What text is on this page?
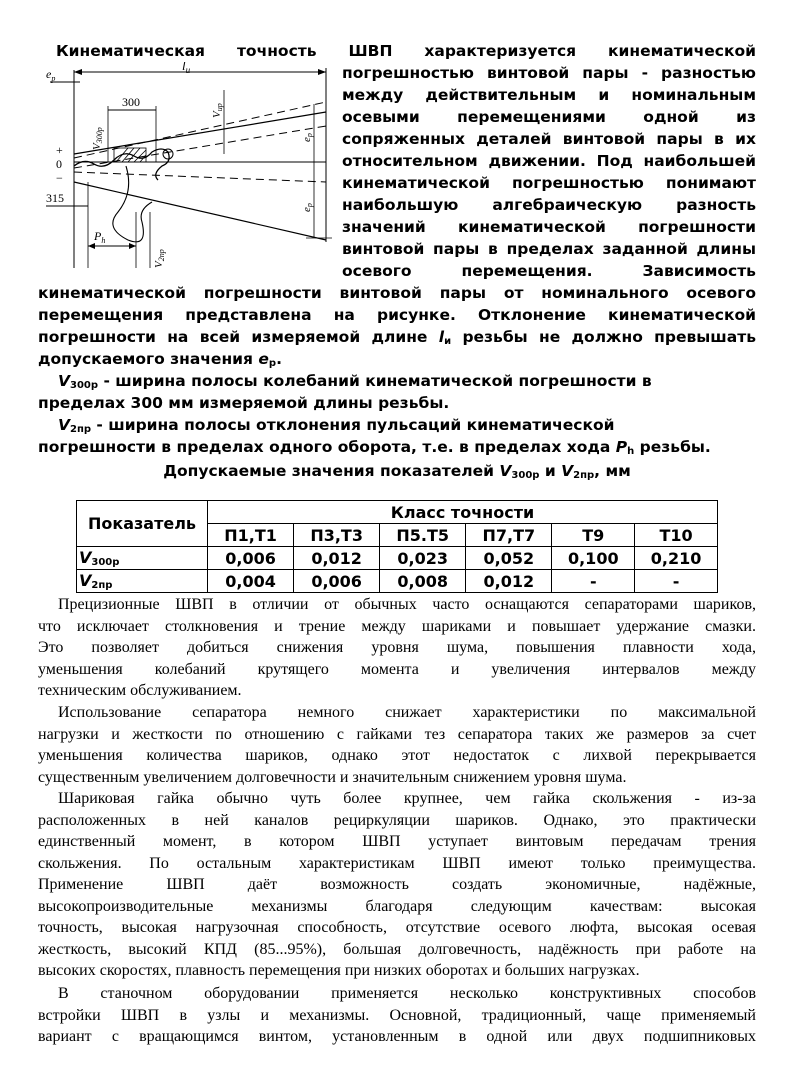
Кинематическая точность ШВП характеризуется кинематической
$l_и$
$e_p$
+
0
−
300
V300p
Vир
315
$P_h$
V2пр
ep
ep
погрешностью винтовой пары - разностью
между действительным и номинальным
осевыми перемещениями одной из
сопряженных деталей винтовой пары в их
относительном движении. Под наибольшей
кинематической погрешностью понимают
наибольшую алгебраическую разность
значений кинематической погрешности
винтовой пары в пределах заданной длины
осевого перемещения. Зависимость
кинематической погрешности винтовой пары от номинального осевого
перемещения представлена на рисунке. Отклонение кинематической
погрешности на всей измеряемой длине $l_и$ резьбы не должно превышать
допускаемого значения $e_p$.
$V_{300р}$ - ширина полосы колебаний кинематической погрешности в
пределах 300 мм измеряемой длины резьбы.
$V_{2пр}$ - ширина полосы отклонения пульсаций кинематической
погрешности в пределах одного оборота, т.е. в пределах хода $P_h$ резьбы.
Допускаемые значения показателей $V_{300р}$ и $V_{2пр}$, мм
Показатель	Класс точности					
	П1,Т1	П3,Т3	П5.Т5	П7,Т7	Т9	Т10
$V_{300р}$	0,006	0,012	0,023	0,052	0,100	0,210
$V_{2пр}$	0,004	0,006	0,008	0,012	-	-
Прецизионные ШВП в отличии от обычных часто оснащаются сепараторами шариков,
что исключает столкновения и трение между шариками и повышает удержание смазки.
Это позволяет добиться снижения уровня шума, повышения плавности хода,
уменьшения колебаний крутящего момента и увеличения интервалов между
техническим обслуживанием.
Использование сепаратора немного снижает характеристики по максимальной
нагрузки и жесткости по отношению с гайками тез сепаратора таких же размеров за счет
уменьшения количества шариков, однако этот недостаток с лихвой перекрывается
существенным увеличением долговечности и значительным снижением уровня шума.
Шариковая гайка обычно чуть более крупнее, чем гайка скольжения - из-за
расположенных в ней каналов рециркуляции шариков. Однако, это практически
единственный момент, в котором ШВП уступает винтовым передачам трения
скольжения. По остальным характеристикам ШВП имеют только преимущества.
Применение ШВП даёт возможность создать экономичные, надёжные,
высокопроизводительные механизмы благодаря следующим качествам: высокая
точность, высокая нагрузочная способность, отсутствие осевого люфта, высокая осевая
жесткость, высокий КПД (85...95%), большая долговечность, надёжность при работе на
высоких скоростях, плавность перемещения при низких оборотах и больших нагрузках.
В станочном оборудовании применяется несколько конструктивных способов
встройки ШВП в узлы и механизмы. Основной, традиционный, чаще применяемый
вариант с вращающимся винтом, установленным в одной или двух подшипниковых
